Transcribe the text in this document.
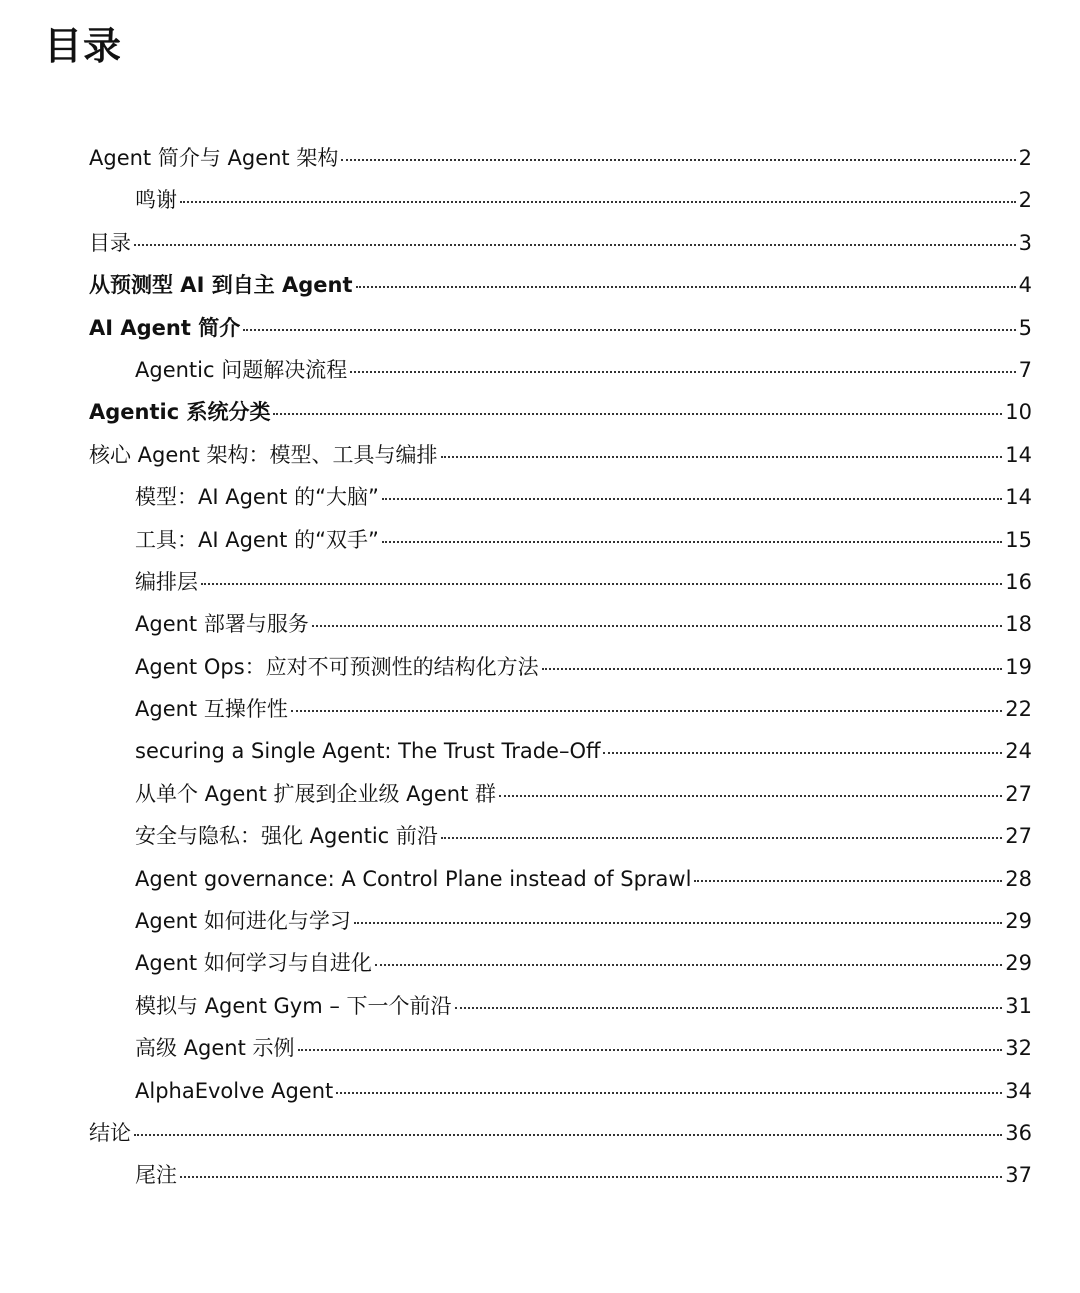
目录
Agent 简介与 Agent 架构	2
鸣谢	2
目录	3
从预测型 AI 到自主 Agent	4
AI Agent 简介	5
Agentic 问题解决流程	7
Agentic 系统分类	10
核心 Agent 架构：模型、工具与编排	14
模型：AI Agent 的“大脑”	14
工具：AI Agent 的“双手”	15
编排层	16
Agent 部署与服务	18
Agent Ops：应对不可预测性的结构化方法	19
Agent 互操作性	22
securing a Single Agent: The Trust Trade–Off	24
从单个 Agent 扩展到企业级 Agent 群	27
安全与隐私：强化 Agentic 前沿	27
Agent governance: A Control Plane instead of Sprawl	28
Agent 如何进化与学习	29
Agent 如何学习与自进化	29
模拟与 Agent Gym – 下一个前沿	31
高级 Agent 示例	32
AlphaEvolve Agent	34
结论	36
尾注	37
